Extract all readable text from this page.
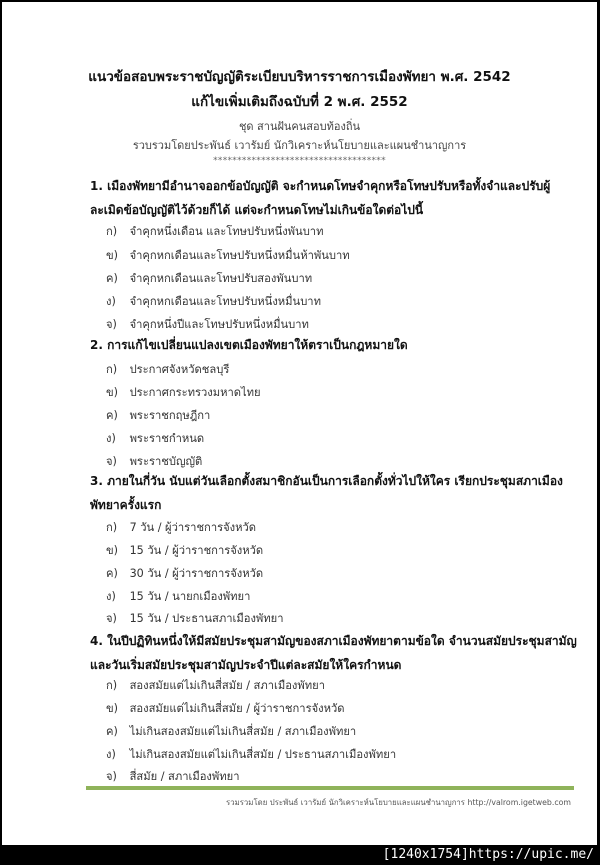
แนวข้อสอบพระราชบัญญัติระเบียบบริหารราชการเมืองพัทยา พ.ศ. 2542
แก้ไขเพิ่มเติมถึงฉบับที่ 2 พ.ศ. 2552
ชุด สานฝันคนสอบท้องถิ่น
รวบรวมโดยประพันธ์ เวารัมย์ นักวิเคราะห์นโยบายและแผนชำนาญการ
************************************
1. เมืองพัทยามีอำนาจออกข้อบัญญัติ จะกำหนดโทษจำคุกหรือโทษปรับหรือทั้งจำและปรับผู้ละเมิดข้อบัญญัติไว้ด้วยก็ได้ แต่จะกำหนดโทษไม่เกินข้อใดต่อไปนี้
ก) จำคุกหนึ่งเดือน และโทษปรับหนึ่งพันบาท
ข) จำคุกหกเดือนและโทษปรับหนึ่งหมื่นห้าพันบาท
ค) จำคุกหกเดือนและโทษปรับสองพันบาท
ง) จำคุกหกเดือนและโทษปรับหนึ่งหมื่นบาท
จ) จำคุกหนึ่งปีและโทษปรับหนึ่งหมื่นบาท
2. การแก้ไขเปลี่ยนแปลงเขตเมืองพัทยาให้ตราเป็นกฎหมายใด
ก) ประกาศจังหวัดชลบุรี
ข) ประกาศกระทรวงมหาดไทย
ค) พระราชกฤษฎีกา
ง) พระราชกำหนด
จ) พระราชบัญญัติ
3. ภายในกี่วัน นับแต่วันเลือกตั้งสมาชิกอันเป็นการเลือกตั้งทั่วไปให้ใคร เรียกประชุมสภาเมืองพัทยาครั้งแรก
ก) 7 วัน / ผู้ว่าราชการจังหวัด
ข) 15 วัน / ผู้ว่าราชการจังหวัด
ค) 30 วัน / ผู้ว่าราชการจังหวัด
ง) 15 วัน / นายกเมืองพัทยา
จ) 15 วัน / ประธานสภาเมืองพัทยา
4. ในปีปฏิทินหนึ่งให้มีสมัยประชุมสามัญของสภาเมืองพัทยาตามข้อใด จำนวนสมัยประชุมสามัญและวันเริ่มสมัยประชุมสามัญประจำปีแต่ละสมัยให้ใครกำหนด
ก) สองสมัยแต่ไม่เกินสี่สมัย / สภาเมืองพัทยา
ข) สองสมัยแต่ไม่เกินสี่สมัย / ผู้ว่าราชการจังหวัด
ค) ไม่เกินสองสมัยแต่ไม่เกินสี่สมัย / สภาเมืองพัทยา
ง) ไม่เกินสองสมัยแต่ไม่เกินสี่สมัย / ประธานสภาเมืองพัทยา
จ) สี่สมัย / สภาเมืองพัทยา
รวมรวมโดย ประพันธ์ เวารัมย์ นักวิเคราะห์นโยบายและแผนชำนาญการ http://valrom.igetweb.com
[1240x1754]https://upic.me/
